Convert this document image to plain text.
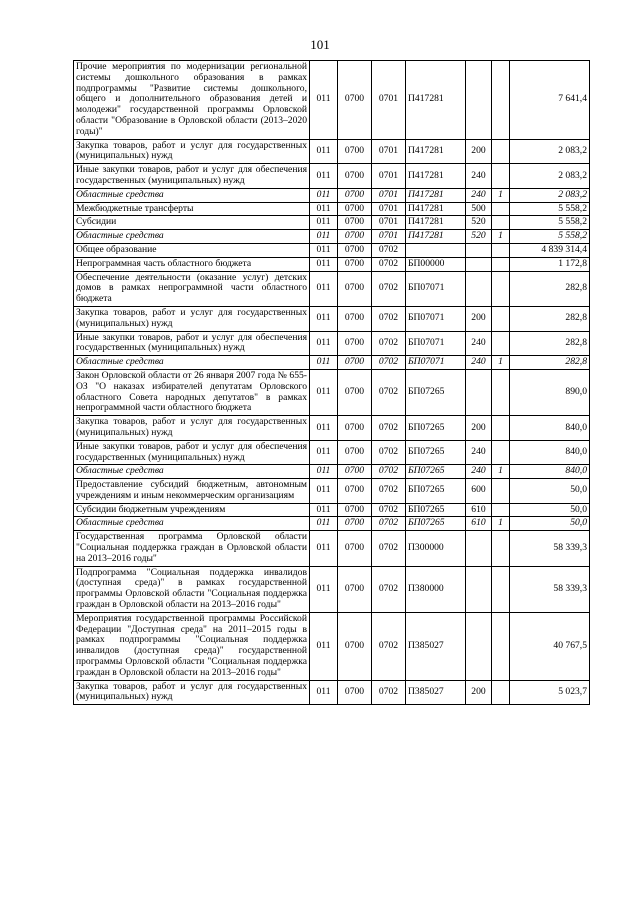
101
Прочие мероприятия по модернизации региональной системы дошкольного образования в рамках подпрограммы "Развитие системы дошкольного, общего и дополнительного образования детей и молодежи" государственной программы Орловской области "Образование в Орловской области (2013–2020 годы)"	011	0700	0701	П417281			7 641,4
Закупка товаров, работ и услуг для государственных (муниципальных) нужд	011	0700	0701	П417281	200		2 083,2
Иные закупки товаров, работ и услуг для обеспечения государственных (муниципальных) нужд	011	0700	0701	П417281	240		2 083,2
Областные средства	011	0700	0701	П417281	240	1	2 083,2
Межбюджетные трансферты	011	0700	0701	П417281	500		5 558,2
Субсидии	011	0700	0701	П417281	520		5 558,2
Областные средства	011	0700	0701	П417281	520	1	5 558,2
Общее образование	011	0700	0702				4 839 314,4
Непрограммная часть областного бюджета	011	0700	0702	БП00000			1 172,8
Обеспечение деятельности (оказание услуг) детских домов в рамках непрограммной части областного бюджета	011	0700	0702	БП07071			282,8
Закупка товаров, работ и услуг для государственных (муниципальных) нужд	011	0700	0702	БП07071	200		282,8
Иные закупки товаров, работ и услуг для обеспечения государственных (муниципальных) нужд	011	0700	0702	БП07071	240		282,8
Областные средства	011	0700	0702	БП07071	240	1	282,8
Закон Орловской области от 26 января 2007 года № 655-ОЗ "О наказах избирателей депутатам Орловского областного Совета народных депутатов" в рамках непрограммной части областного бюджета	011	0700	0702	БП07265			890,0
Закупка товаров, работ и услуг для государственных (муниципальных) нужд	011	0700	0702	БП07265	200		840,0
Иные закупки товаров, работ и услуг для обеспечения государственных (муниципальных) нужд	011	0700	0702	БП07265	240		840,0
Областные средства	011	0700	0702	БП07265	240	1	840,0
Предоставление субсидий бюджетным, автономным учреждениям и иным некоммерческим организациям	011	0700	0702	БП07265	600		50,0
Субсидии бюджетным учреждениям	011	0700	0702	БП07265	610		50,0
Областные средства	011	0700	0702	БП07265	610	1	50,0
Государственная программа Орловской области "Социальная поддержка граждан в Орловской области на 2013–2016 годы"	011	0700	0702	П300000			58 339,3
Подпрограмма "Социальная поддержка инвалидов (доступная среда)" в рамках государственной программы Орловской области "Социальная поддержка граждан в Орловской области на 2013–2016 годы"	011	0700	0702	П380000			58 339,3
Мероприятия государственной программы Российской Федерации "Доступная среда" на 2011–2015 годы в рамках подпрограммы "Социальная поддержка инвалидов (доступная среда)" государственной программы Орловской области "Социальная поддержка граждан в Орловской области на 2013–2016 годы"	011	0700	0702	П385027			40 767,5
Закупка товаров, работ и услуг для государственных (муниципальных) нужд	011	0700	0702	П385027	200		5 023,7
